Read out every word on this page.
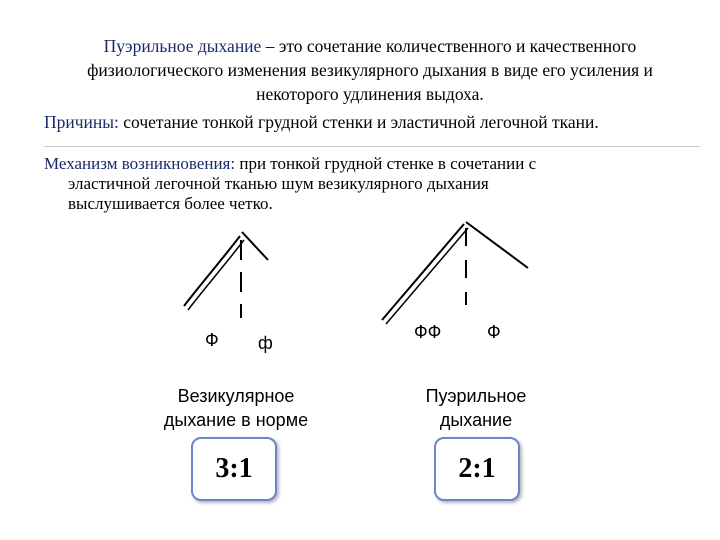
Пуэрильное дыхание – это сочетание количественного и качественного
физиологического изменения везикулярного дыхания в виде его усиления и
некоторого удлинения выдоха.
Причины: сочетание тонкой грудной стенки и эластичной легочной ткани.
Механизм возникновения: при тонкой грудной стенке в сочетании с
эластичной легочной тканью шум везикулярного дыхания
выслушивается более четко.
Ф ф
ФФ	Ф
Везикулярное
дыхание в норме
Пуэрильное
дыхание
3:1	2:1
